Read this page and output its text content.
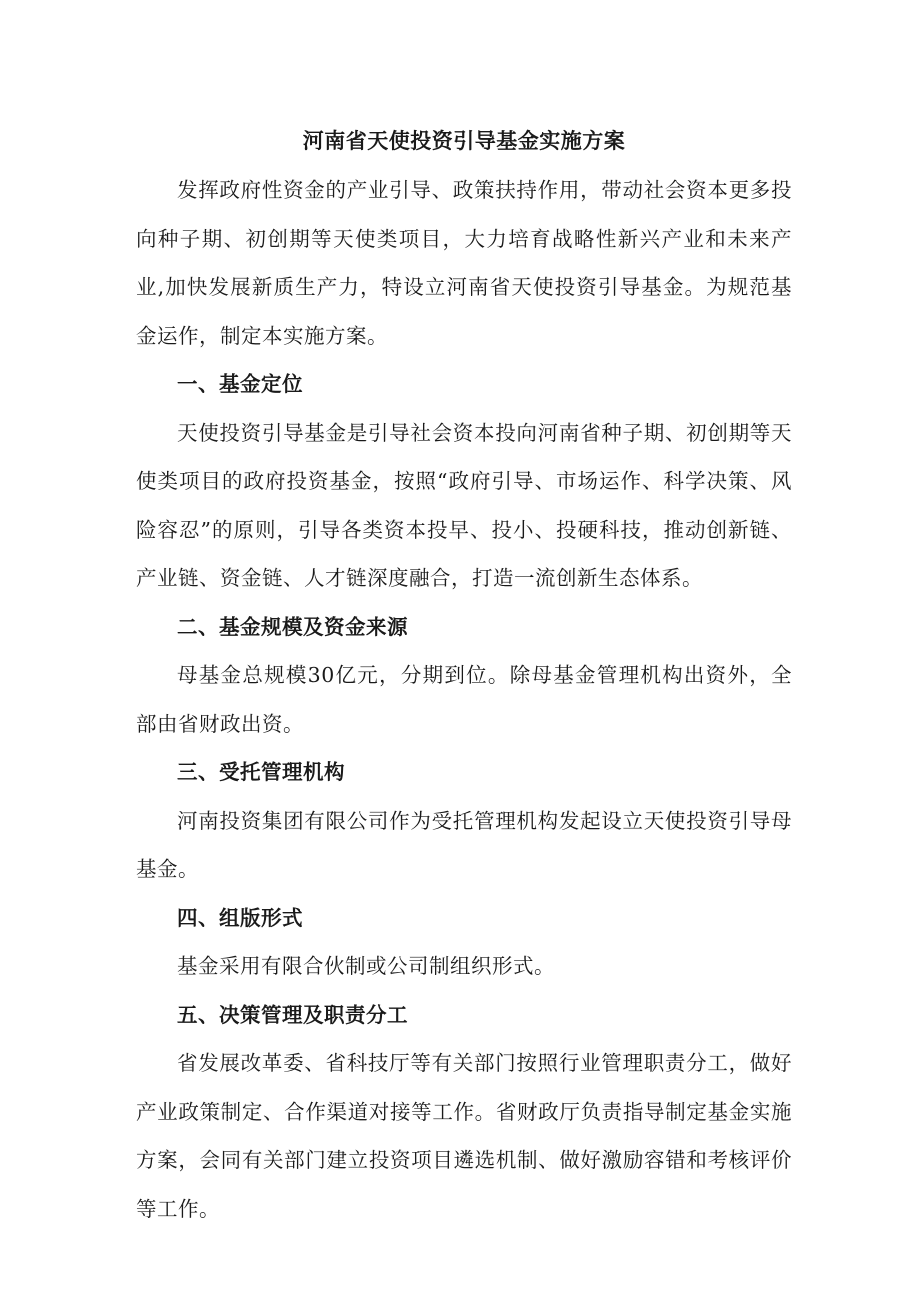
河南省天使投资引导基金实施方案

发挥政府性资金的产业引导、政策扶持作用，带动社会资本更多投向种子期、初创期等天使类项目，大力培育战略性新兴产业和未来产业,加快发展新质生产力，特设立河南省天使投资引导基金。为规范基金运作，制定本实施方案。

一、基金定位

天使投资引导基金是引导社会资本投向河南省种子期、初创期等天使类项目的政府投资基金，按照“政府引导、市场运作、科学决策、风险容忍”的原则，引导各类资本投早、投小、投硬科技，推动创新链、产业链、资金链、人才链深度融合，打造一流创新生态体系。

二、基金规模及资金来源

母基金总规模30亿元，分期到位。除母基金管理机构出资外，全部由省财政出资。

三、受托管理机构

河南投资集团有限公司作为受托管理机构发起设立天使投资引导母基金。

四、组版形式

基金采用有限合伙制或公司制组织形式。

五、决策管理及职责分工

省发展改革委、省科技厅等有关部门按照行业管理职责分工，做好产业政策制定、合作渠道对接等工作。省财政厅负责指导制定基金实施方案，会同有关部门建立投资项目遴选机制、做好激励容错和考核评价等工作。
